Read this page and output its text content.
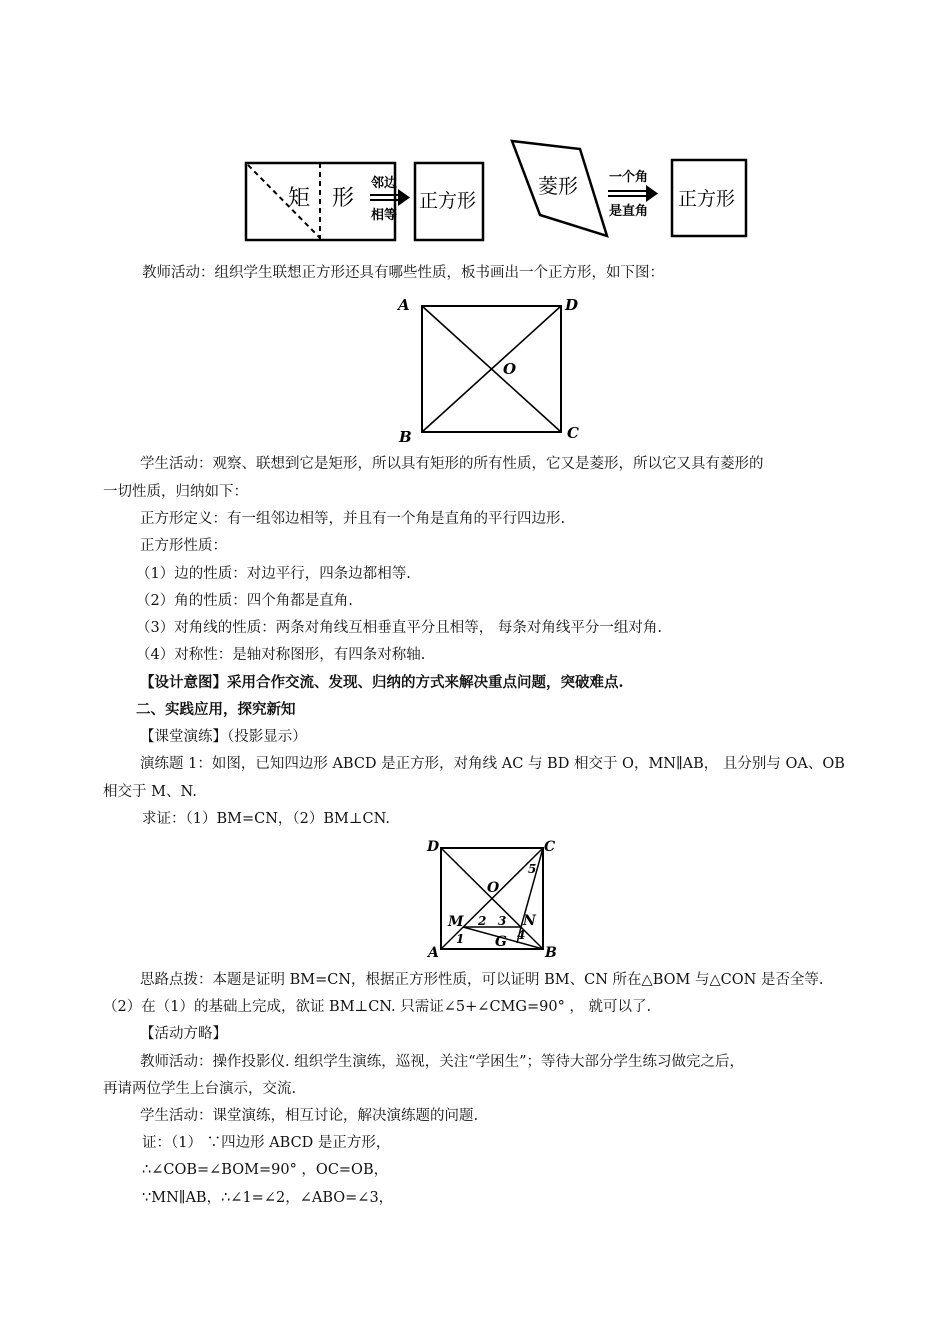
矩 形
邻边
相等
正方形
菱形 一个角
是直角
正方形
教师活动：组织学生联想正方形还具有哪些性质，板书画出一个正方形，如下图：
A	D
O
B	C
学生活动：观察、联想到它是矩形，所以具有矩形的所有性质，它又是菱形，所以它又具有菱形的
一切性质，归纳如下：
正方形定义：有一组邻边相等，并且有一个角是直角的平行四边形.
正方形性质：
（1）边的性质：对边平行，四条边都相等.
（2）角的性质：四个角都是直角.
（3）对角线的性质：两条对角线互相垂直平分且相等， 每条对角线平分一组对角.
（4）对称性：是轴对称图形，有四条对称轴.
【设计意图】采用合作交流、发现、归纳的方式来解决重点问题，突破难点.
二、实践应用，探究新知
【课堂演练】（投影显示）
演练题 1：如图，已知四边形 ABCD 是正方形，对角线 AC 与 BD 相交于 O，MN∥AB， 且分别与 OA、OB
相交于 M、N.
求证：（1）BM=CN，（2）BM⊥CN.
D	C
5
O
M 2 3 N
4
1 G
A	B
思路点拨：本题是证明 BM=CN，根据正方形性质，可以证明 BM、CN 所在△BOM 与△CON 是否全等.
（2）在（1）的基础上完成，欲证 BM⊥CN. 只需证∠5+∠CMG=90° ， 就可以了.
【活动方略】
教师活动：操作投影仪. 组织学生演练，巡视，关注“学困生”；等待大部分学生练习做完之后，
再请两位学生上台演示，交流.
学生活动：课堂演练，相互讨论，解决演练题的问题.
证：（1） ∵四边形 ABCD 是正方形，
∴∠COB=∠BOM=90° ，OC=OB，
∵MN∥AB，∴∠1=∠2，∠ABO=∠3，
